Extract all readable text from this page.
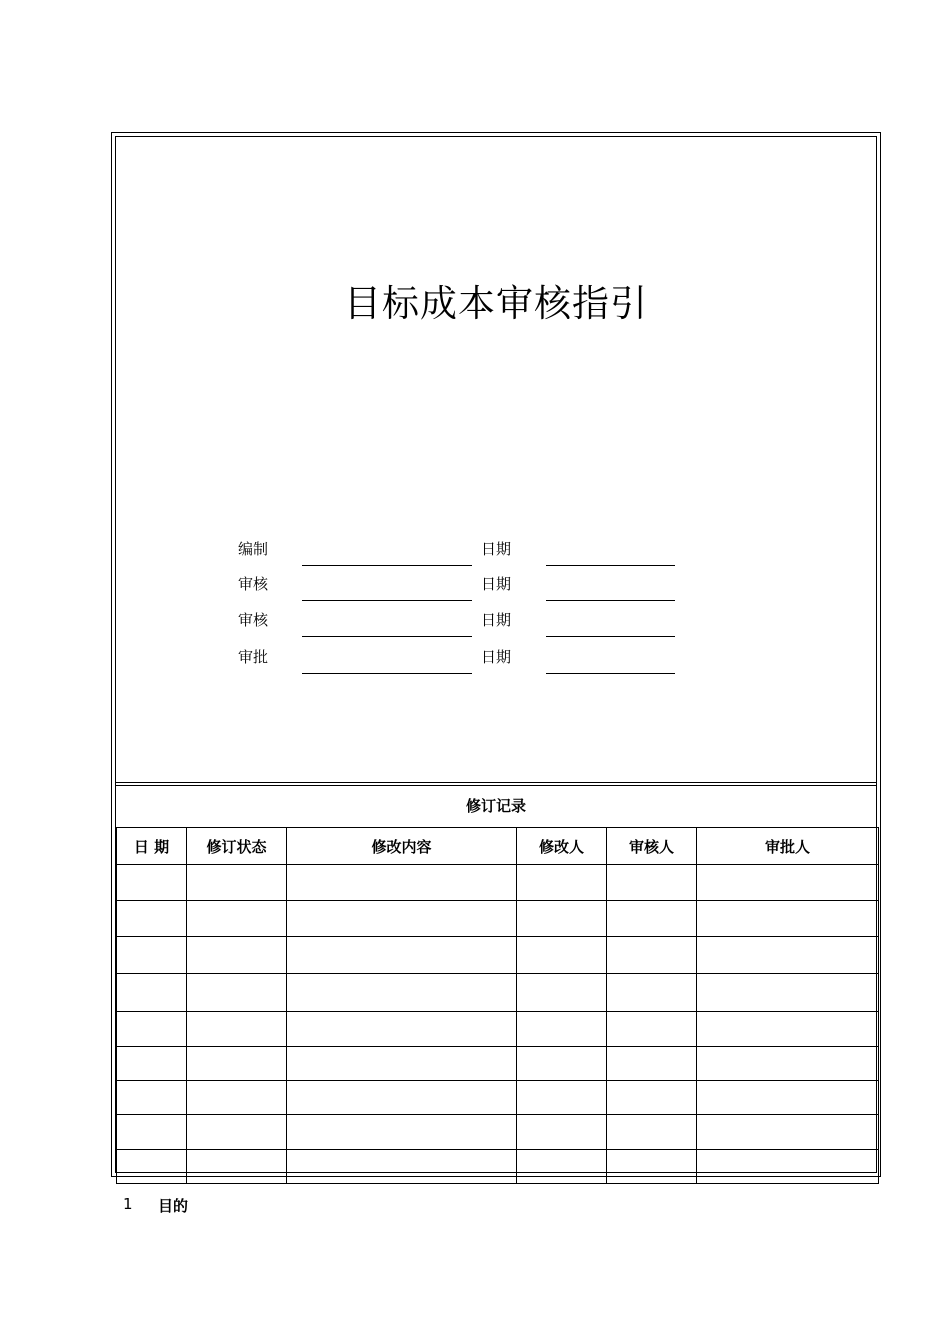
目标成本审核指引
编制	日期
审核	日期
审核	日期
审批	日期
修订记录
日 期	修订状态	修改内容	修改人	审核人	审批人

1 目的
